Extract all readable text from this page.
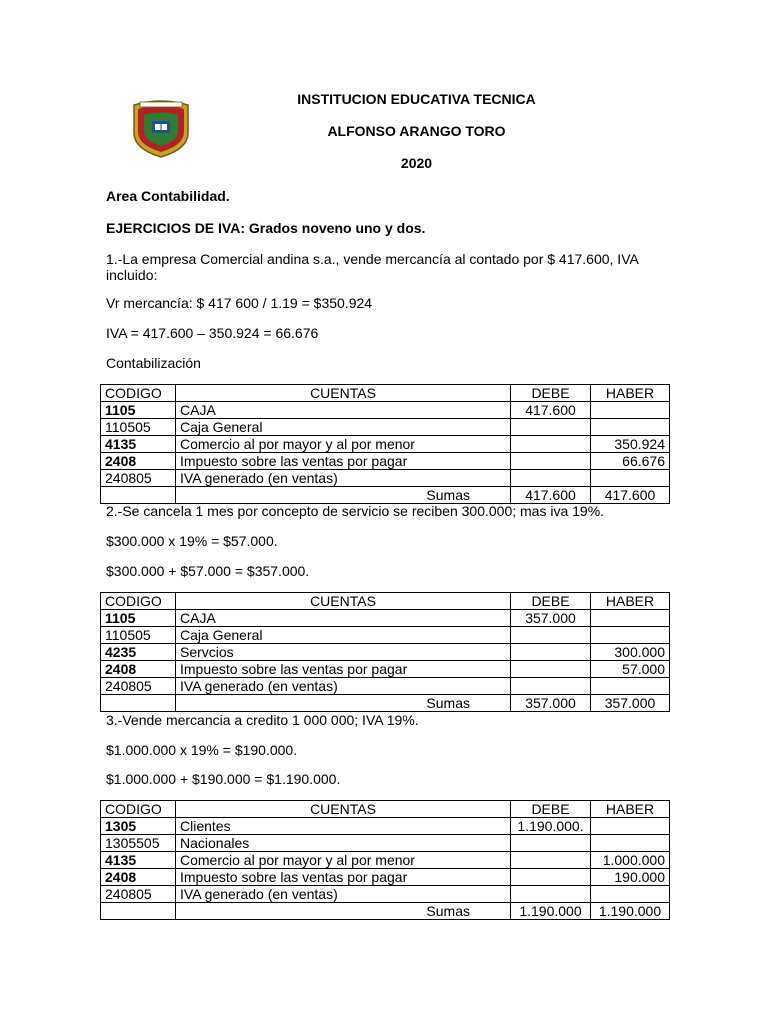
INSTITUCION EDUCATIVA TECNICA
ALFONSO ARANGO TORO
2020
Area Contabilidad.
EJERCICIOS DE IVA: Grados noveno uno y dos.
1.-La empresa Comercial andina s.a., vende mercancía al contado por $ 417.600, IVA
incluido:
Vr mercancía: $ 417 600 / 1.19 = $350.924
IVA = 417.600 – 350.924 = 66.676
Contabilización
CODIGO	CUENTAS	DEBE	HABER
1105	CAJA	417.600	
110505	Caja General		
4135	Comercio al por mayor y al por menor		350.924
2408	Impuesto sobre las ventas por pagar		66.676
240805	IVA generado (en ventas)		
	Sumas	417.600	417.600
2.-Se cancela 1 mes por concepto de servicio se reciben 300.000; mas iva 19%.
$300.000 x 19% = $57.000.
$300.000 + $57.000 = $357.000.
CODIGO	CUENTAS	DEBE	HABER
1105	CAJA	357.000	
110505	Caja General		
4235	Servcios		300.000
2408	Impuesto sobre las ventas por pagar		57.000
240805	IVA generado (en ventas)		
	Sumas	357.000	357.000
3.-Vende mercancia a credito 1 000 000; IVA 19%.
$1.000.000 x 19% = $190.000.
$1.000.000 + $190.000 = $1.190.000.
CODIGO	CUENTAS	DEBE	HABER
1305	Clientes	1.190.000.	
1305505	Nacionales		
4135	Comercio al por mayor y al por menor		1.000.000
2408	Impuesto sobre las ventas por pagar		190.000
240805	IVA generado (en ventas)		
	Sumas	1.190.000	1.190.000
